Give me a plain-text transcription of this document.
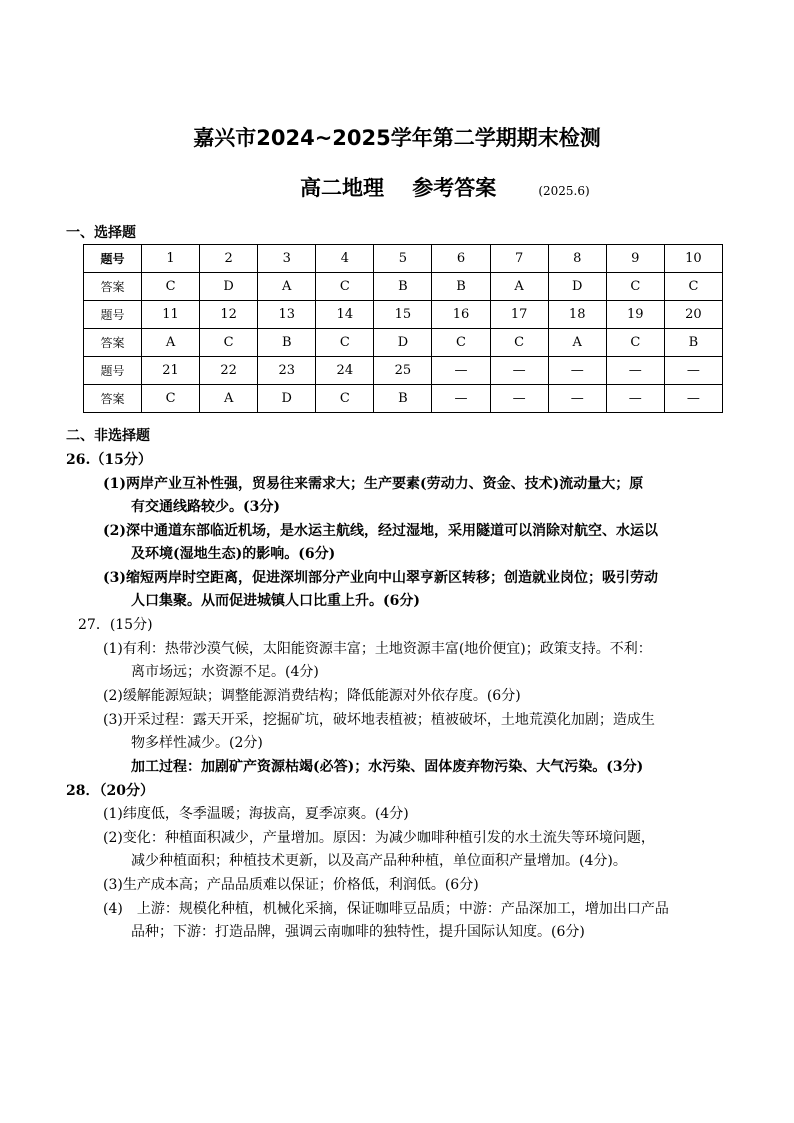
嘉兴市2024~2025学年第二学期期末检测
高二地理　 参考答案	(2025.6)
一、选择题
题号	1	2	3	4	5	6	7	8	9	10
答案	C	D	A	C	B	B	A	D	C	C
题号	11	12	13	14	15	16	17	18	19	20
答案	A	C	B	C	D	C	C	A	C	B
题号	21	22	23	24	25	—	—	—	—	—
答案	C	A	D	C	B	—	—	—	—	—
二、非选择题
26.（15分）
(1)两岸产业互补性强，贸易往来需求大；生产要素(劳动力、资金、技术)流动量大；原
有交通线路较少。(3分)
(2)深中通道东部临近机场，是水运主航线，经过湿地，采用隧道可以消除对航空、水运以
及环境(湿地生态)的影响。(6分)
(3)缩短两岸时空距离，促进深圳部分产业向中山翠亨新区转移；创造就业岗位；吸引劳动
人口集聚。从而促进城镇人口比重上升。(6分)
27．(15分)
(1)有利：热带沙漠气候，太阳能资源丰富；土地资源丰富(地价便宜)；政策支持。不利：
离市场远；水资源不足。(4分)
(2)缓解能源短缺；调整能源消费结构；降低能源对外依存度。(6分)
(3)开采过程：露天开采，挖掘矿坑，破坏地表植被；植被破坏，土地荒漠化加剧；造成生
物多样性减少。(2分)
加工过程：加剧矿产资源枯竭(必答)；水污染、固体废弃物污染、大气污染。(3分)
28．（20分）
(1)纬度低，冬季温暖；海拔高，夏季凉爽。(4分)
(2)变化：种植面积减少，产量增加。原因：为减少咖啡种植引发的水土流失等环境问题，
减少种植面积；种植技术更新，以及高产品种种植，单位面积产量增加。(4分)。
(3)生产成本高；产品品质难以保证；价格低，利润低。(6分)
(4)　上游：规模化种植，机械化采摘，保证咖啡豆品质；中游：产品深加工，增加出口产品
品种；下游：打造品牌，强调云南咖啡的独特性，提升国际认知度。(6分)
